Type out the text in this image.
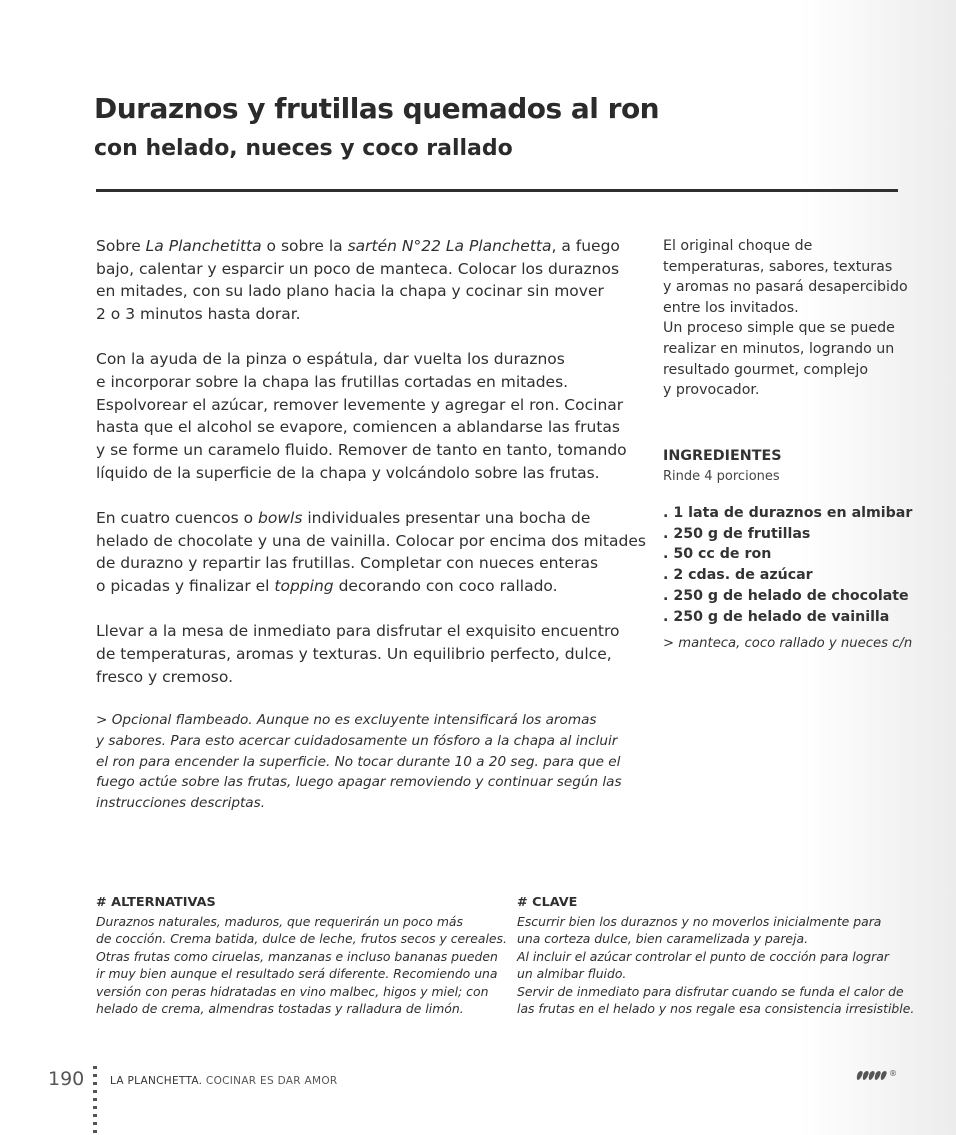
Duraznos y frutillas quemados al ron
con helado, nueces y coco rallado

Sobre La Planchetitta o sobre la sartén N°22 La Planchetta, a fuego
bajo, calentar y esparcir un poco de manteca. Colocar los duraznos
en mitades, con su lado plano hacia la chapa y cocinar sin mover
2 o 3 minutos hasta dorar.

Con la ayuda de la pinza o espátula, dar vuelta los duraznos
e incorporar sobre la chapa las frutillas cortadas en mitades.
Espolvorear el azúcar, remover levemente y agregar el ron. Cocinar
hasta que el alcohol se evapore, comiencen a ablandarse las frutas
y se forme un caramelo fluido. Remover de tanto en tanto, tomando
líquido de la superficie de la chapa y volcándolo sobre las frutas.

En cuatro cuencos o bowls individuales presentar una bocha de
helado de chocolate y una de vainilla. Colocar por encima dos mitades
de durazno y repartir las frutillas. Completar con nueces enteras
o picadas y finalizar el topping decorando con coco rallado.

Llevar a la mesa de inmediato para disfrutar el exquisito encuentro
de temperaturas, aromas y texturas. Un equilibrio perfecto, dulce,
fresco y cremoso.

> Opcional flambeado. Aunque no es excluyente intensificará los aromas
y sabores. Para esto acercar cuidadosamente un fósforo a la chapa al incluir
el ron para encender la superficie. No tocar durante 10 a 20 seg. para que el
fuego actúe sobre las frutas, luego apagar removiendo y continuar según las
instrucciones descriptas.

El original choque de
temperaturas, sabores, texturas
y aromas no pasará desapercibido
entre los invitados.
Un proceso simple que se puede
realizar en minutos, logrando un
resultado gourmet, complejo
y provocador.
INGREDIENTES
Rinde 4 porciones
. 1 lata de duraznos en almibar
. 250 g de frutillas
. 50 cc de ron
. 2 cdas. de azúcar
. 250 g de helado de chocolate
. 250 g de helado de vainilla
> manteca, coco rallado y nueces c/n
# ALTERNATIVAS
Duraznos naturales, maduros, que requerirán un poco más
de cocción. Crema batida, dulce de leche, frutos secos y cereales.
Otras frutas como ciruelas, manzanas e incluso bananas pueden
ir muy bien aunque el resultado será diferente. Recomiendo una
versión con peras hidratadas en vino malbec, higos y miel; con
helado de crema, almendras tostadas y ralladura de limón.
# CLAVE
Escurrir bien los duraznos y no moverlos inicialmente para
una corteza dulce, bien caramelizada y pareja.
Al incluir el azúcar controlar el punto de cocción para lograr
un almibar fluido.
Servir de inmediato para disfrutar cuando se funda el calor de
las frutas en el helado y nos regale esa consistencia irresistible.
190 LA PLANCHETTA. COCINAR ES DAR AMOR
®
